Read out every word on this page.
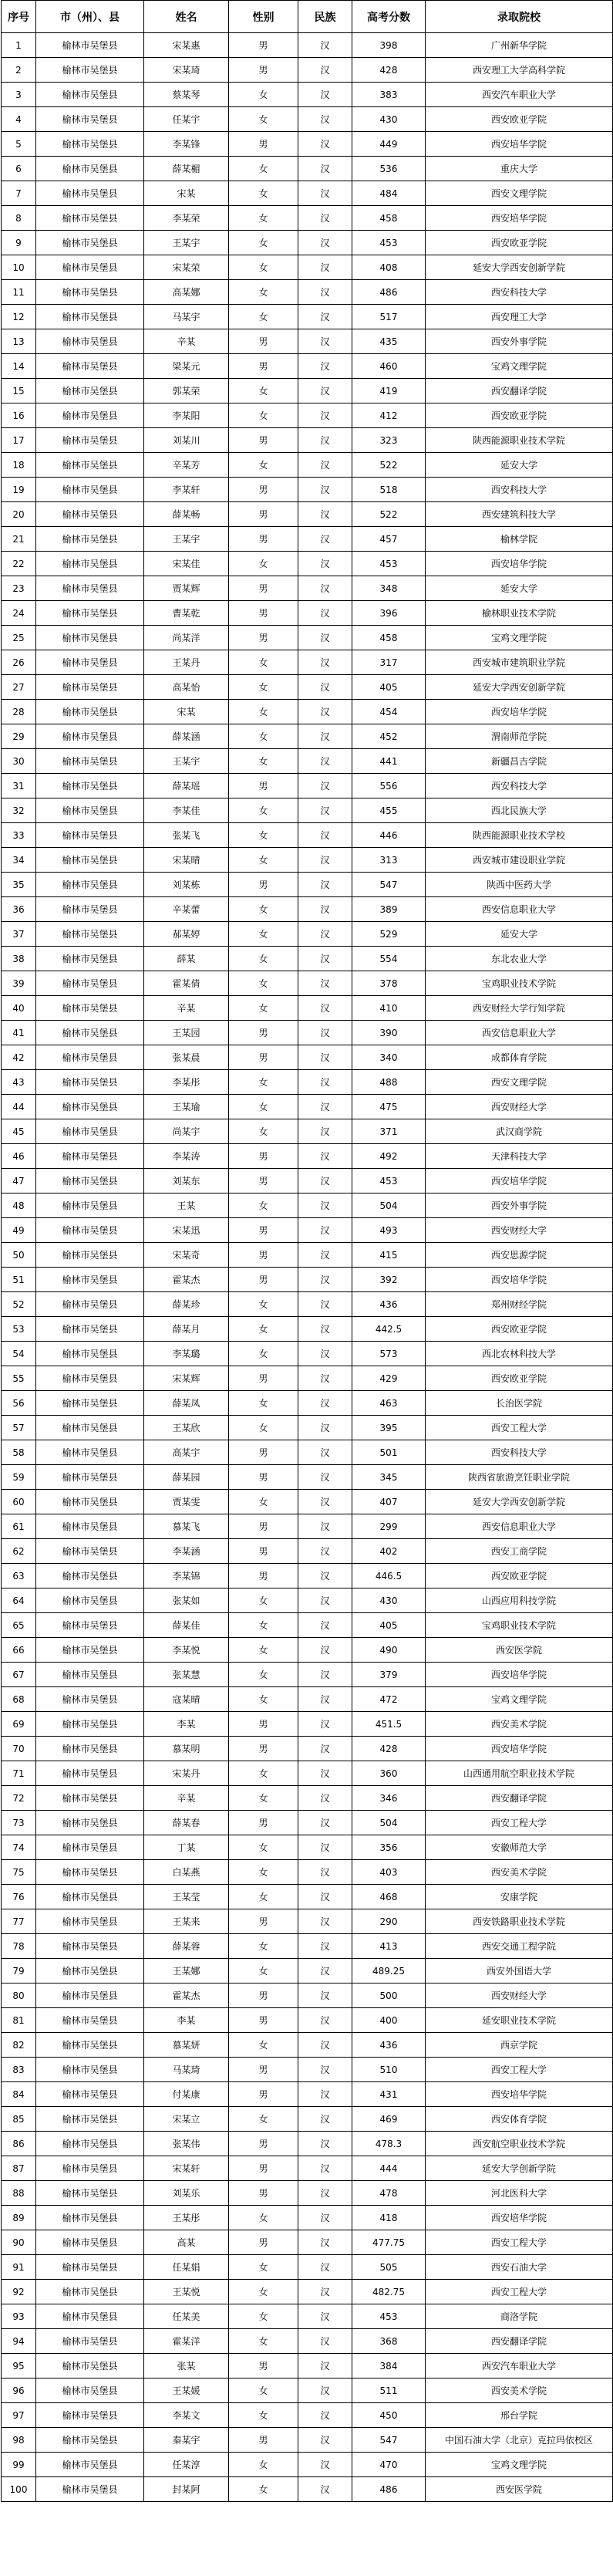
序号	市（州）、县	姓名	性别	民族	高考分数	录取院校
1	榆林市吴堡县	宋某惠	男	汉	398	广州新华学院
2	榆林市吴堡县	宋某琦	男	汉	428	西安理工大学高科学院
3	榆林市吴堡县	蔡某琴	女	汉	383	西安汽车职业大学
4	榆林市吴堡县	任某宇	女	汉	430	西安欧亚学院
5	榆林市吴堡县	李某锋	男	汉	449	西安培华学院
6	榆林市吴堡县	薛某楣	女	汉	536	重庆大学
7	榆林市吴堡县	宋某	女	汉	484	西安文理学院
8	榆林市吴堡县	李某荣	女	汉	458	西安培华学院
9	榆林市吴堡县	王某宇	女	汉	453	西安欧亚学院
10	榆林市吴堡县	宋某荣	女	汉	408	延安大学西安创新学院
11	榆林市吴堡县	高某娜	女	汉	486	西安科技大学
12	榆林市吴堡县	马某宇	女	汉	517	西安理工大学
13	榆林市吴堡县	辛某	男	汉	435	西安外事学院
14	榆林市吴堡县	梁某元	男	汉	460	宝鸡文理学院
15	榆林市吴堡县	郭某荣	女	汉	419	西安翻译学院
16	榆林市吴堡县	李某阳	女	汉	412	西安欧亚学院
17	榆林市吴堡县	刘某川	男	汉	323	陕西能源职业技术学院
18	榆林市吴堡县	辛某芳	女	汉	522	延安大学
19	榆林市吴堡县	李某轩	男	汉	518	西安科技大学
20	榆林市吴堡县	薛某畅	男	汉	522	西安建筑科技大学
21	榆林市吴堡县	王某宇	男	汉	457	榆林学院
22	榆林市吴堡县	宋某佳	女	汉	453	西安培华学院
23	榆林市吴堡县	贾某辉	男	汉	348	延安大学
24	榆林市吴堡县	曹某乾	男	汉	396	榆林职业技术学院
25	榆林市吴堡县	尚某洋	男	汉	458	宝鸡文理学院
26	榆林市吴堡县	王某丹	女	汉	317	西安城市建筑职业学院
27	榆林市吴堡县	高某怡	女	汉	405	延安大学西安创新学院
28	榆林市吴堡县	宋某	女	汉	454	西安培华学院
29	榆林市吴堡县	薛某涵	女	汉	452	渭南师范学院
30	榆林市吴堡县	王某宇	女	汉	441	新疆昌吉学院
31	榆林市吴堡县	薛某瑶	男	汉	556	西安科技大学
32	榆林市吴堡县	李某佳	女	汉	455	西北民族大学
33	榆林市吴堡县	张某飞	女	汉	446	陕西能源职业技术学校
34	榆林市吴堡县	宋某晴	女	汉	313	西安城市建设职业学院
35	榆林市吴堡县	刘某栋	男	汉	547	陕西中医药大学
36	榆林市吴堡县	辛某蕾	女	汉	389	西安信息职业大学
37	榆林市吴堡县	郝某婷	女	汉	529	延安大学
38	榆林市吴堡县	薛某	女	汉	554	东北农业大学
39	榆林市吴堡县	霍某倩	女	汉	378	宝鸡职业技术学院
40	榆林市吴堡县	辛某	女	汉	410	西安财经大学行知学院
41	榆林市吴堡县	王某园	男	汉	390	西安信息职业大学
42	榆林市吴堡县	张某晨	男	汉	340	成都体育学院
43	榆林市吴堡县	李某彤	女	汉	488	西安文理学院
44	榆林市吴堡县	王某瑜	女	汉	475	西安财经大学
45	榆林市吴堡县	尚某宇	女	汉	371	武汉商学院
46	榆林市吴堡县	李某涛	男	汉	492	天津科技大学
47	榆林市吴堡县	刘某东	男	汉	453	西安培华学院
48	榆林市吴堡县	王某	女	汉	504	西安外事学院
49	榆林市吴堡县	宋某迅	男	汉	493	西安财经大学
50	榆林市吴堡县	宋某奇	男	汉	415	西安思源学院
51	榆林市吴堡县	霍某杰	男	汉	392	西安培华学院
52	榆林市吴堡县	薛某珍	女	汉	436	郑州财经学院
53	榆林市吴堡县	薛某月	女	汉	442.5	西安欧亚学院
54	榆林市吴堡县	李某璐	女	汉	573	西北农林科技大学
55	榆林市吴堡县	宋某辉	男	汉	429	西安欧亚学院
56	榆林市吴堡县	薛某凤	女	汉	463	长治医学院
57	榆林市吴堡县	王某欣	女	汉	395	西安工程大学
58	榆林市吴堡县	高某宇	男	汉	501	西安科技大学
59	榆林市吴堡县	薛某园	男	汉	345	陕西省旅游烹饪职业学院
60	榆林市吴堡县	贾某雯	女	汉	407	延安大学西安创新学院
61	榆林市吴堡县	慕某飞	男	汉	299	西安信息职业大学
62	榆林市吴堡县	李某涵	男	汉	402	西安工商学院
63	榆林市吴堡县	李某锦	男	汉	446.5	西安欧亚学院
64	榆林市吴堡县	张某如	女	汉	430	山西应用科技学院
65	榆林市吴堡县	薛某佳	女	汉	405	宝鸡职业技术学院
66	榆林市吴堡县	李某悦	女	汉	490	西安医学院
67	榆林市吴堡县	张某慧	女	汉	379	西安培华学院
68	榆林市吴堡县	寇某晴	女	汉	472	宝鸡文理学院
69	榆林市吴堡县	李某	男	汉	451.5	西安美术学院
70	榆林市吴堡县	慕某明	男	汉	428	西安培华学院
71	榆林市吴堡县	宋某丹	女	汉	360	山西通用航空职业技术学院
72	榆林市吴堡县	辛某	女	汉	346	西安翻译学院
73	榆林市吴堡县	薛某春	男	汉	504	西安工程大学
74	榆林市吴堡县	丁某	女	汉	356	安徽师范大学
75	榆林市吴堡县	白某燕	女	汉	403	西安美术学院
76	榆林市吴堡县	王某莹	女	汉	468	安康学院
77	榆林市吴堡县	王某来	男	汉	290	西安铁路职业技术学院
78	榆林市吴堡县	薛某蓉	女	汉	413	西安交通工程学院
79	榆林市吴堡县	王某娜	女	汉	489.25	西安外国语大学
80	榆林市吴堡县	霍某杰	男	汉	500	西安财经大学
81	榆林市吴堡县	李某	男	汉	400	延安职业技术学院
82	榆林市吴堡县	慕某妍	女	汉	436	西京学院
83	榆林市吴堡县	马某琦	男	汉	510	西安工程大学
84	榆林市吴堡县	付某康	男	汉	431	西安培华学院
85	榆林市吴堡县	宋某立	女	汉	469	西安体育学院
86	榆林市吴堡县	张某伟	男	汉	478.3	西安航空职业技术学院
87	榆林市吴堡县	宋某轩	男	汉	444	延安大学创新学院
88	榆林市吴堡县	刘某乐	男	汉	478	河北医科大学
89	榆林市吴堡县	王某彤	女	汉	418	西安培华学院
90	榆林市吴堡县	高某	男	汉	477.75	西安工程大学
91	榆林市吴堡县	任某娟	女	汉	505	西安石油大学
92	榆林市吴堡县	王某悦	女	汉	482.75	西安工程大学
93	榆林市吴堡县	任某美	女	汉	453	商洛学院
94	榆林市吴堡县	霍某洋	女	汉	368	西安翻译学院
95	榆林市吴堡县	张某	男	汉	384	西安汽车职业大学
96	榆林市吴堡县	王某媛	女	汉	511	西安美术学院
97	榆林市吴堡县	李某文	女	汉	450	邢台学院
98	榆林市吴堡县	秦某宇	男	汉	547	中国石油大学（北京）克拉玛依校区
99	榆林市吴堡县	任某淳	女	汉	470	宝鸡文理学院
100	榆林市吴堡县	封某阿	女	汉	486	西安医学院
